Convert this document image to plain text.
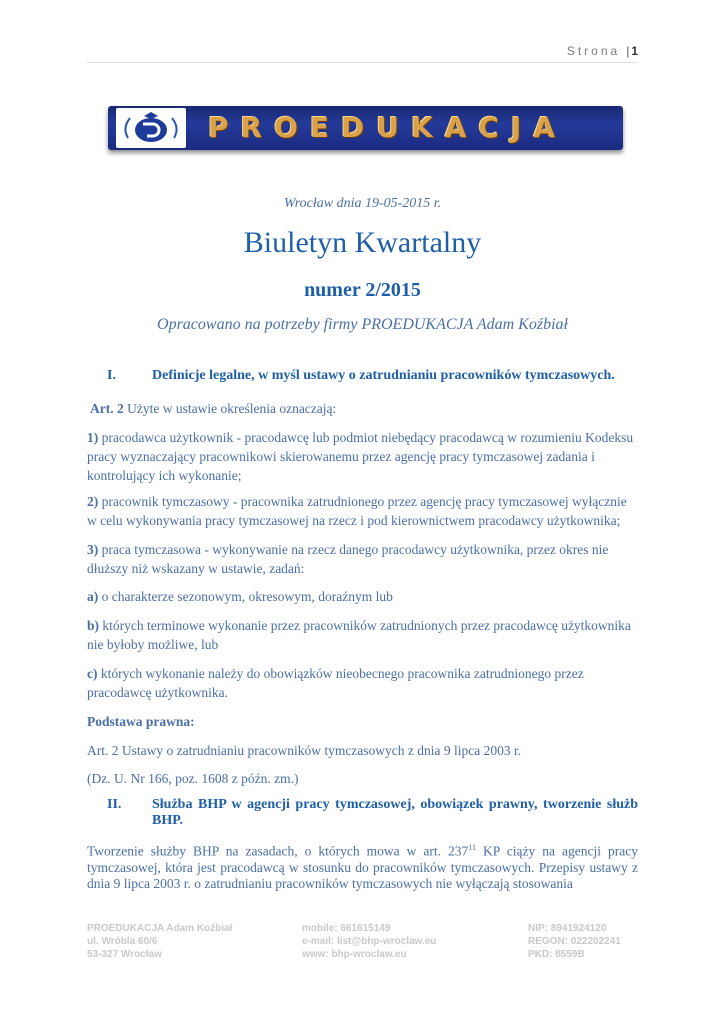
Strona | 1
PROEDUKACJA
Wrocław dnia 19-05-2015 r.
Biuletyn Kwartalny
numer 2/2015
Opracowano na potrzeby firmy PROEDUKACJA Adam Koźbiał
I.	Definicje legalne, w myśl ustawy o zatrudnianiu pracowników tymczasowych.
Art. 2 Użyte w ustawie określenia oznaczają:
1) pracodawca użytkownik - pracodawcę lub podmiot niebędący pracodawcą w rozumieniu Kodeksu pracy wyznaczający pracownikowi skierowanemu przez agencję pracy tymczasowej zadania i kontrolujący ich wykonanie;
2) pracownik tymczasowy - pracownika zatrudnionego przez agencję pracy tymczasowej wyłącznie w celu wykonywania pracy tymczasowej na rzecz i pod kierownictwem pracodawcy użytkownika;
3) praca tymczasowa - wykonywanie na rzecz danego pracodawcy użytkownika, przez okres nie dłuższy niż wskazany w ustawie, zadań:
a) o charakterze sezonowym, okresowym, doraźnym lub
b) których terminowe wykonanie przez pracowników zatrudnionych przez pracodawcę użytkownika nie byłoby możliwe, lub
c) których wykonanie należy do obowiązków nieobecnego pracownika zatrudnionego przez pracodawcę użytkownika.
Podstawa prawna:
Art. 2 Ustawy o zatrudnianiu pracowników tymczasowych z dnia 9 lipca 2003 r.
(Dz. U. Nr 166, poz. 1608 z późn. zm.)
II. Służba BHP w agencji pracy tymczasowej, obowiązek prawny, tworzenie służb BHP.
Tworzenie służby BHP na zasadach, o których mowa w art. $237^{11}$ KP ciąży na agencji pracy tymczasowej, która jest pracodawcą w stosunku do pracowników tymczasowych. Przepisy ustawy z dnia 9 lipca 2003 r. o zatrudnianiu pracowników tymczasowych nie wyłączają stosowania
PROEDUKACJA Adam Koźbiał
ul. Wróbla 60/6
53-327 Wrocław
mobile: 661615149
e-mail: list@bhp-wroclaw.eu
www: bhp-wroclaw.eu
NIP: 8941924120
REGON: 022202241
PKD: 8559B
